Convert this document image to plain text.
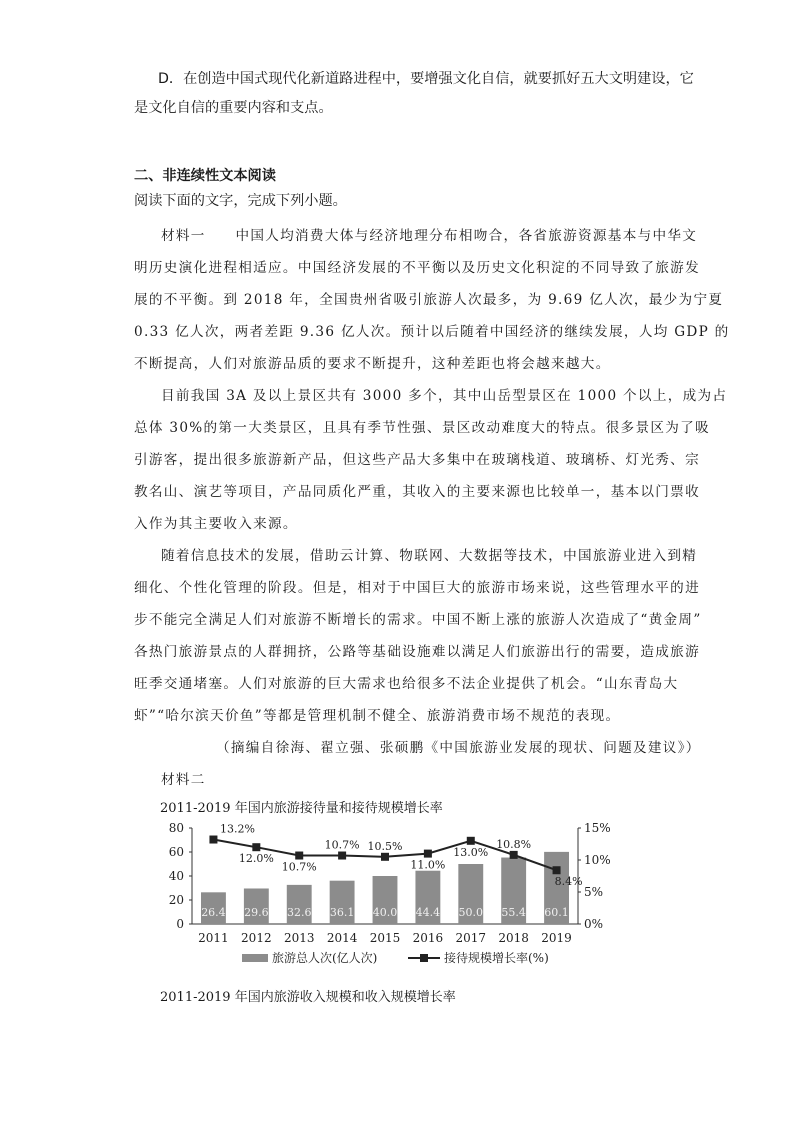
D．在创造中国式现代化新道路进程中，要增强文化自信，就要抓好五大文明建设，它
是文化自信的重要内容和支点。
二、非连续性文本阅读
阅读下面的文字，完成下列小题。
材料一　　中国人均消费大体与经济地理分布相吻合，各省旅游资源基本与中华文
明历史演化进程相适应。中国经济发展的不平衡以及历史文化积淀的不同导致了旅游发
展的不平衡。到 2018 年，全国贵州省吸引旅游人次最多，为 9.69 亿人次，最少为宁夏
0.33 亿人次，两者差距 9.36 亿人次。预计以后随着中国经济的继续发展，人均 GDP 的
不断提高，人们对旅游品质的要求不断提升，这种差距也将会越来越大。
目前我国 3A 及以上景区共有 3000 多个，其中山岳型景区在 1000 个以上，成为占
总体 30%的第一大类景区，且具有季节性强、景区改动难度大的特点。很多景区为了吸
引游客，提出很多旅游新产品，但这些产品大多集中在玻璃栈道、玻璃桥、灯光秀、宗
教名山、演艺等项目，产品同质化严重，其收入的主要来源也比较单一，基本以门票收
入作为其主要收入来源。
随着信息技术的发展，借助云计算、物联网、大数据等技术，中国旅游业进入到精
细化、个性化管理的阶段。但是，相对于中国巨大的旅游市场来说，这些管理水平的进
步不能完全满足人们对旅游不断增长的需求。中国不断上涨的旅游人次造成了“黄金周”
各热门旅游景点的人群拥挤，公路等基础设施难以满足人们旅游出行的需要，造成旅游
旺季交通堵塞。人们对旅游的巨大需求也给很多不法企业提供了机会。“山东青岛大
虾”“哈尔滨天价鱼”等都是管理机制不健全、旅游消费市场不规范的表现。
（摘编自徐海、翟立强、张硕鹏《中国旅游业发展的现状、问题及建议》）
材料二
2011-2019 年国内旅游接待量和接待规模增长率
0
20
40
60
80
0%
5%
10%
15%
26.4
2011
29.6
2012
32.6
2013
36.1
2014
40.0
2015
44.4
2016
50.0
2017
55.4
2018
60.1
2019
13.2%
12.0%
10.7%
10.7% 10.5%
11.0%
13.0%
10.8%
8.4%
旅游总人次(亿人次)	接待规模增长率(%)
2011-2019 年国内旅游收入规模和收入规模增长率
